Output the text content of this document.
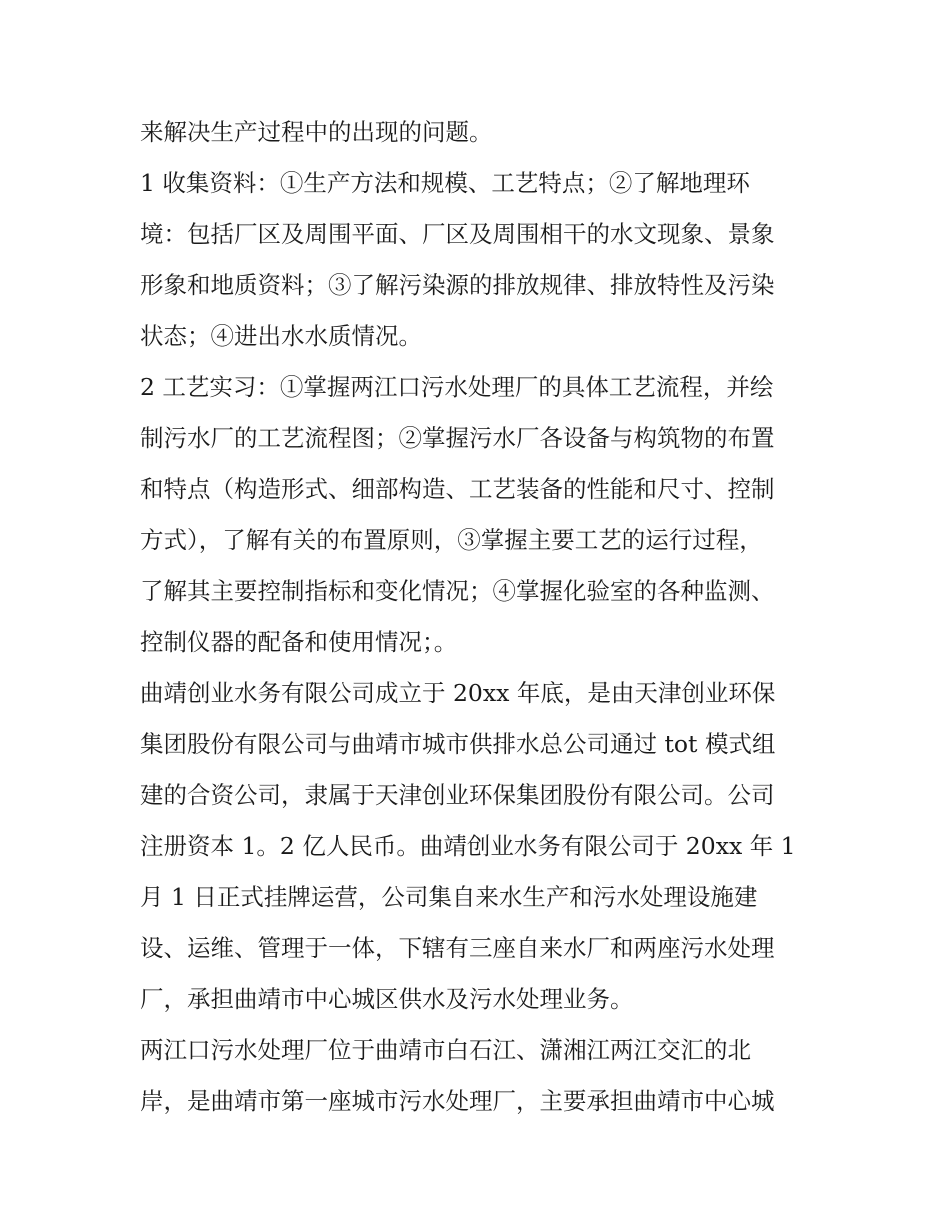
来解决生产过程中的出现的问题。
1 收集资料：①生产方法和规模、工艺特点；②了解地理环
境：包括厂区及周围平面、厂区及周围相干的水文现象、景象
形象和地质资料；③了解污染源的排放规律、排放特性及污染
状态；④进出水水质情况。
2 工艺实习：①掌握两江口污水处理厂的具体工艺流程，并绘
制污水厂的工艺流程图；②掌握污水厂各设备与构筑物的布置
和特点（构造形式、细部构造、工艺装备的性能和尺寸、控制
方式），了解有关的布置原则，③掌握主要工艺的运行过程，
了解其主要控制指标和变化情况；④掌握化验室的各种监测、
控制仪器的配备和使用情况；。
曲靖创业水务有限公司成立于 20xx 年底，是由天津创业环保
集团股份有限公司与曲靖市城市供排水总公司通过 tot 模式组
建的合资公司，隶属于天津创业环保集团股份有限公司。公司
注册资本 1。2 亿人民币。曲靖创业水务有限公司于 20xx 年 1
月 1 日正式挂牌运营，公司集自来水生产和污水处理设施建
设、运维、管理于一体，下辖有三座自来水厂和两座污水处理
厂，承担曲靖市中心城区供水及污水处理业务。
两江口污水处理厂位于曲靖市白石江、潇湘江两江交汇的北
岸，是曲靖市第一座城市污水处理厂，主要承担曲靖市中心城
